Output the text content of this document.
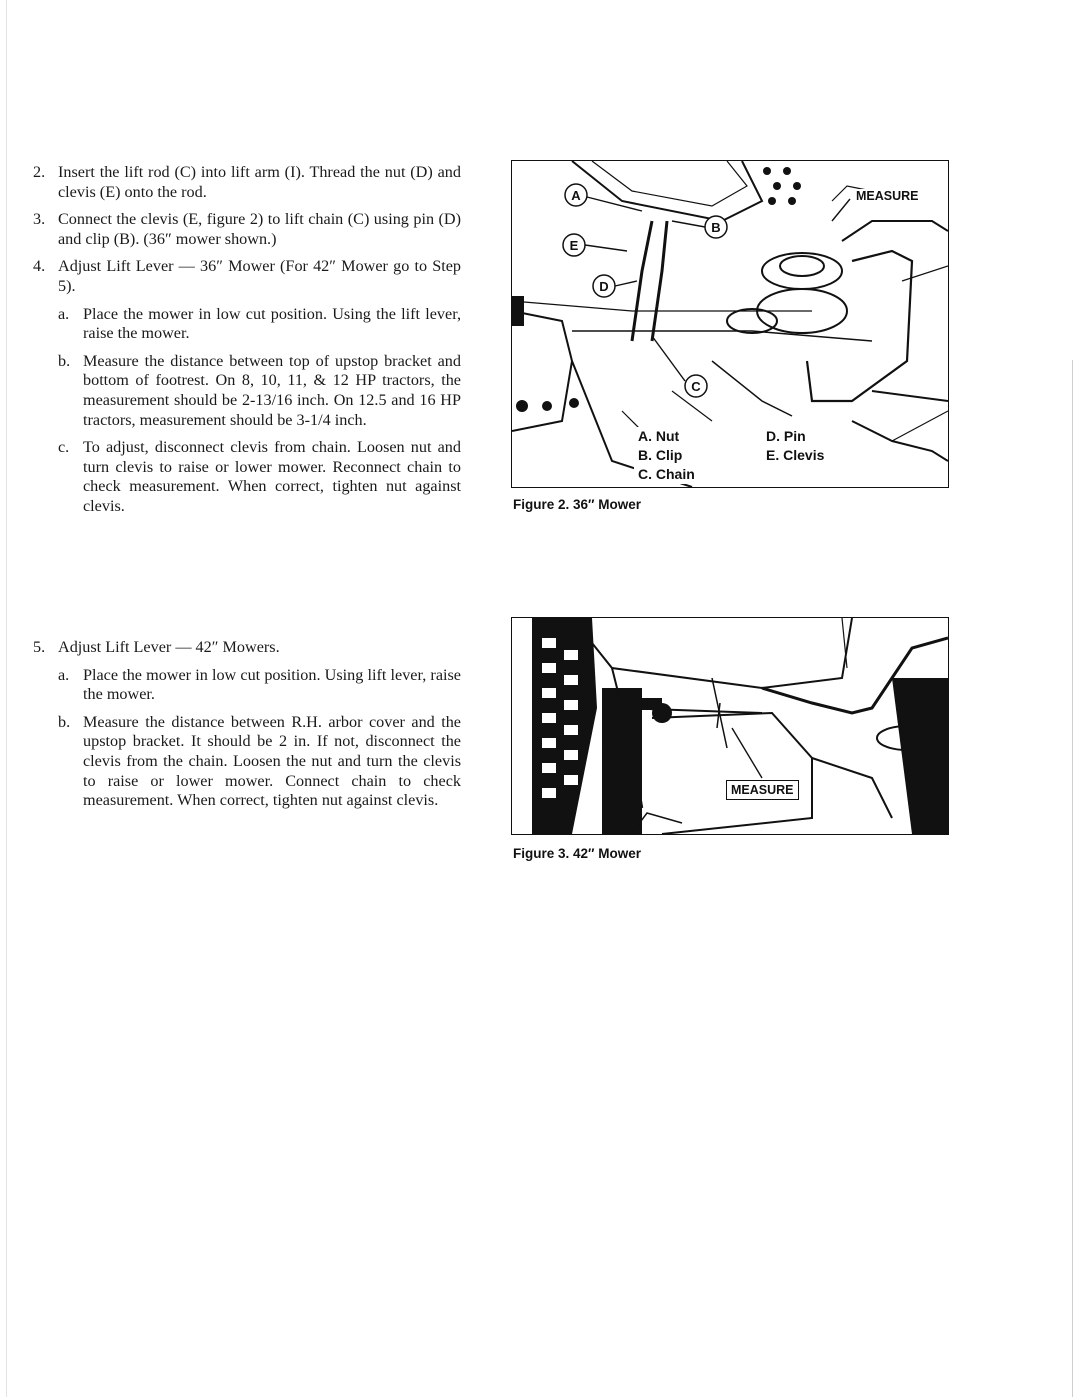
2. Insert the lift rod (C) into lift arm (I). Thread the nut (D) and clevis (E) onto the rod.
3. Connect the clevis (E, figure 2) to lift chain (C) using pin (D) and clip (B). (36″ mower shown.)
4. Adjust Lift Lever — 36″ Mower (For 42″ Mower go to Step 5).
a. Place the mower in low cut position. Using the lift lever, raise the mower.
b. Measure the distance between top of upstop bracket and bottom of footrest. On 8, 10, 11, & 12 HP tractors, the measurement should be 2-13/16 inch. On 12.5 and 16 HP tractors, measurement should be 3-1/4 inch.
c. To adjust, disconnect clevis from chain. Loosen nut and turn clevis to raise or lower mower. Reconnect chain to check measurement. When correct, tighten nut against clevis.
5. Adjust Lift Lever — 42″ Mowers.
a. Place the mower in low cut position. Using lift lever, raise the mower.
b. Measure the distance between R.H. arbor cover and the upstop bracket. It should be 2 in. If not, disconnect the clevis from the chain. Loosen the nut and turn the clevis to raise or lower mower. Connect chain to check measurement. When correct, tighten nut against clevis.
A
B
C
D
E
MEASURE
A. Nut
B. Clip
C. Chain
D. Pin
E. Clevis
Figure 2. 36″ Mower
MEASURE
Figure 3. 42″ Mower
